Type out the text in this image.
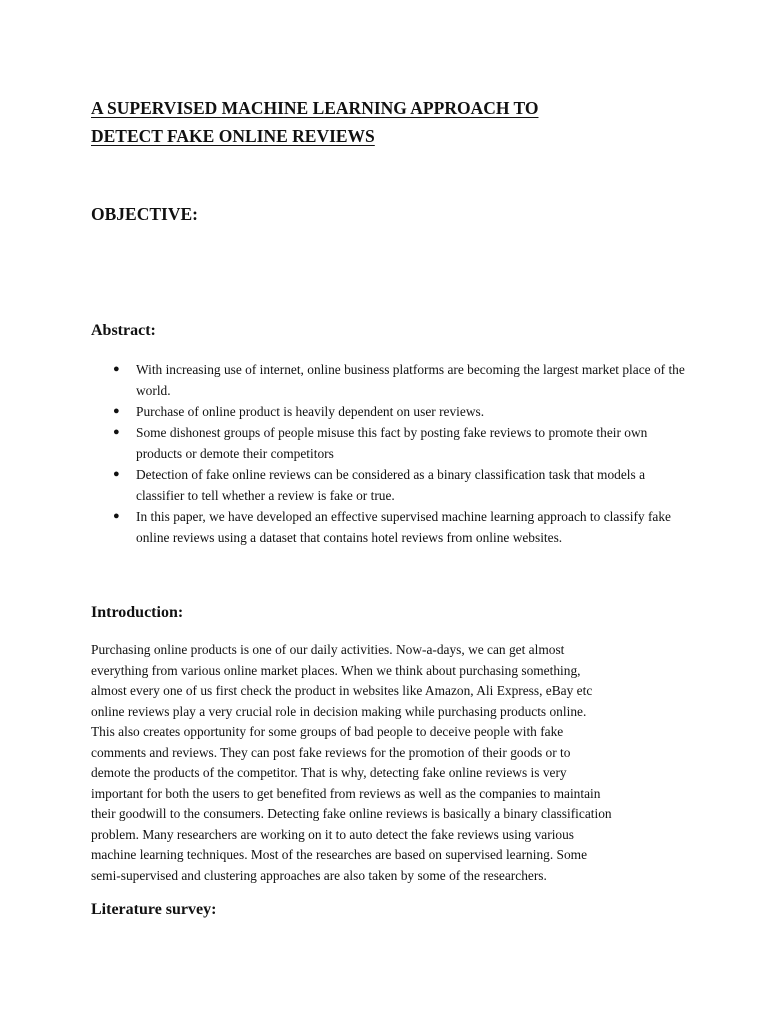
A SUPERVISED MACHINE LEARNING APPROACH TO
DETECT FAKE ONLINE REVIEWS
OBJECTIVE:
Abstract:
● With increasing use of internet, online business platforms are becoming the largest market place of the world.
● Purchase of online product is heavily dependent on user reviews.
● Some dishonest groups of people misuse this fact by posting fake reviews to promote their own products or demote their competitors
● Detection of fake online reviews can be considered as a binary classification task that models a classifier to tell whether a review is fake or true.
● In this paper, we have developed an effective supervised machine learning approach to classify fake online reviews using a dataset that contains hotel reviews from online websites.
Introduction:

Purchasing online products is one of our daily activities. Now-a-days, we can get almost
everything from various online market places. When we think about purchasing something,
almost every one of us first check the product in websites like Amazon, Ali Express, eBay etc
online reviews play a very crucial role in decision making while purchasing products online.
This also creates opportunity for some groups of bad people to deceive people with fake
comments and reviews. They can post fake reviews for the promotion of their goods or to
demote the products of the competitor. That is why, detecting fake online reviews is very
important for both the users to get benefited from reviews as well as the companies to maintain
their goodwill to the consumers. Detecting fake online reviews is basically a binary classification
problem. Many researchers are working on it to auto detect the fake reviews using various
machine learning techniques. Most of the researches are based on supervised learning. Some
semi-supervised and clustering approaches are also taken by some of the researchers.

Literature survey:
